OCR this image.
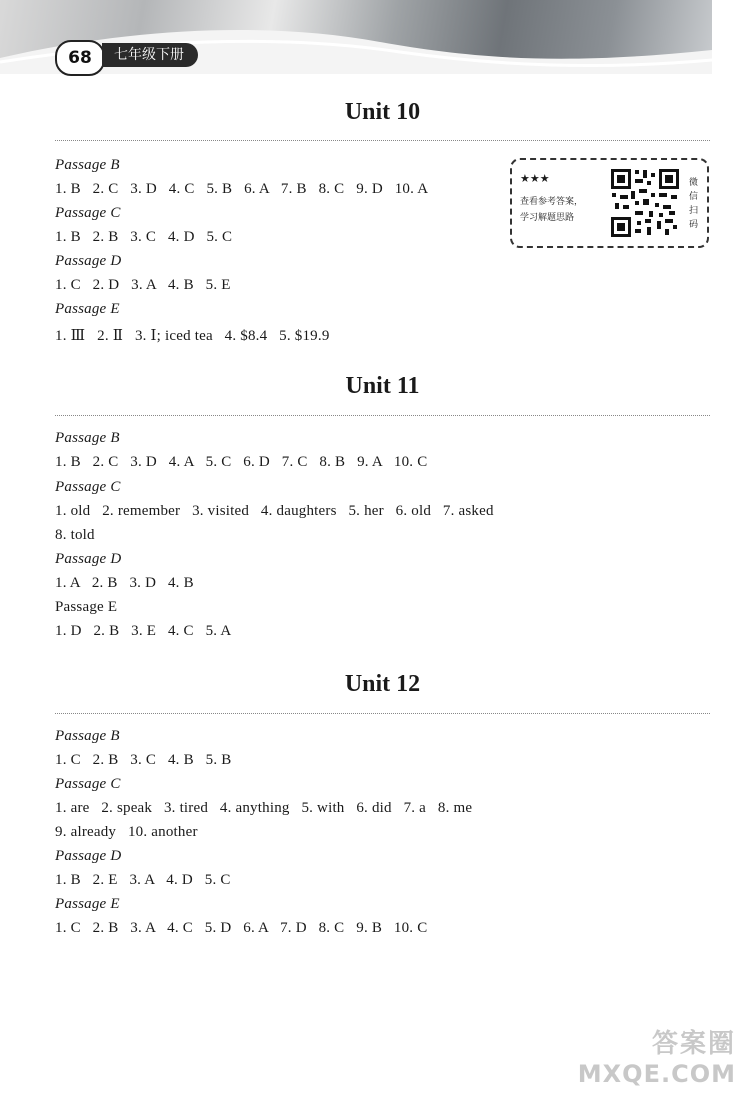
68	七年级下册
★★★
查看参考答案，
学习解题思路
微信扫码
Unit 10
Passage B
1. B   2. C   3. D   4. C   5. B   6. A   7. B   8. C   9. D   10. A
Passage C
1. B   2. B   3. C   4. D   5. C
Passage D
1. C   2. D   3. A   4. B   5. E
Passage E
1. Ⅲ   2. Ⅱ   3. Ⅰ; iced tea   4. $8.4   5. $19.9
Unit 11
Passage B
1. B   2. C   3. D   4. A   5. C   6. D   7. C   8. B   9. A   10. C
Passage C
1. old   2. remember   3. visited   4. daughters   5. her   6. old   7. asked
8. told
Passage D
1. A   2. B   3. D   4. B
Passage E
1. D   2. B   3. E   4. C   5. A
Unit 12
Passage B
1. C   2. B   3. C   4. B   5. B
Passage C
1. are   2. speak   3. tired   4. anything   5. with   6. did   7. a   8. me
9. already   10. another
Passage D
1. B   2. E   3. A   4. D   5. C
Passage E
1. C   2. B   3. A   4. C   5. D   6. A   7. D   8. C   9. B   10. C
答案圈
MXQE.COM
